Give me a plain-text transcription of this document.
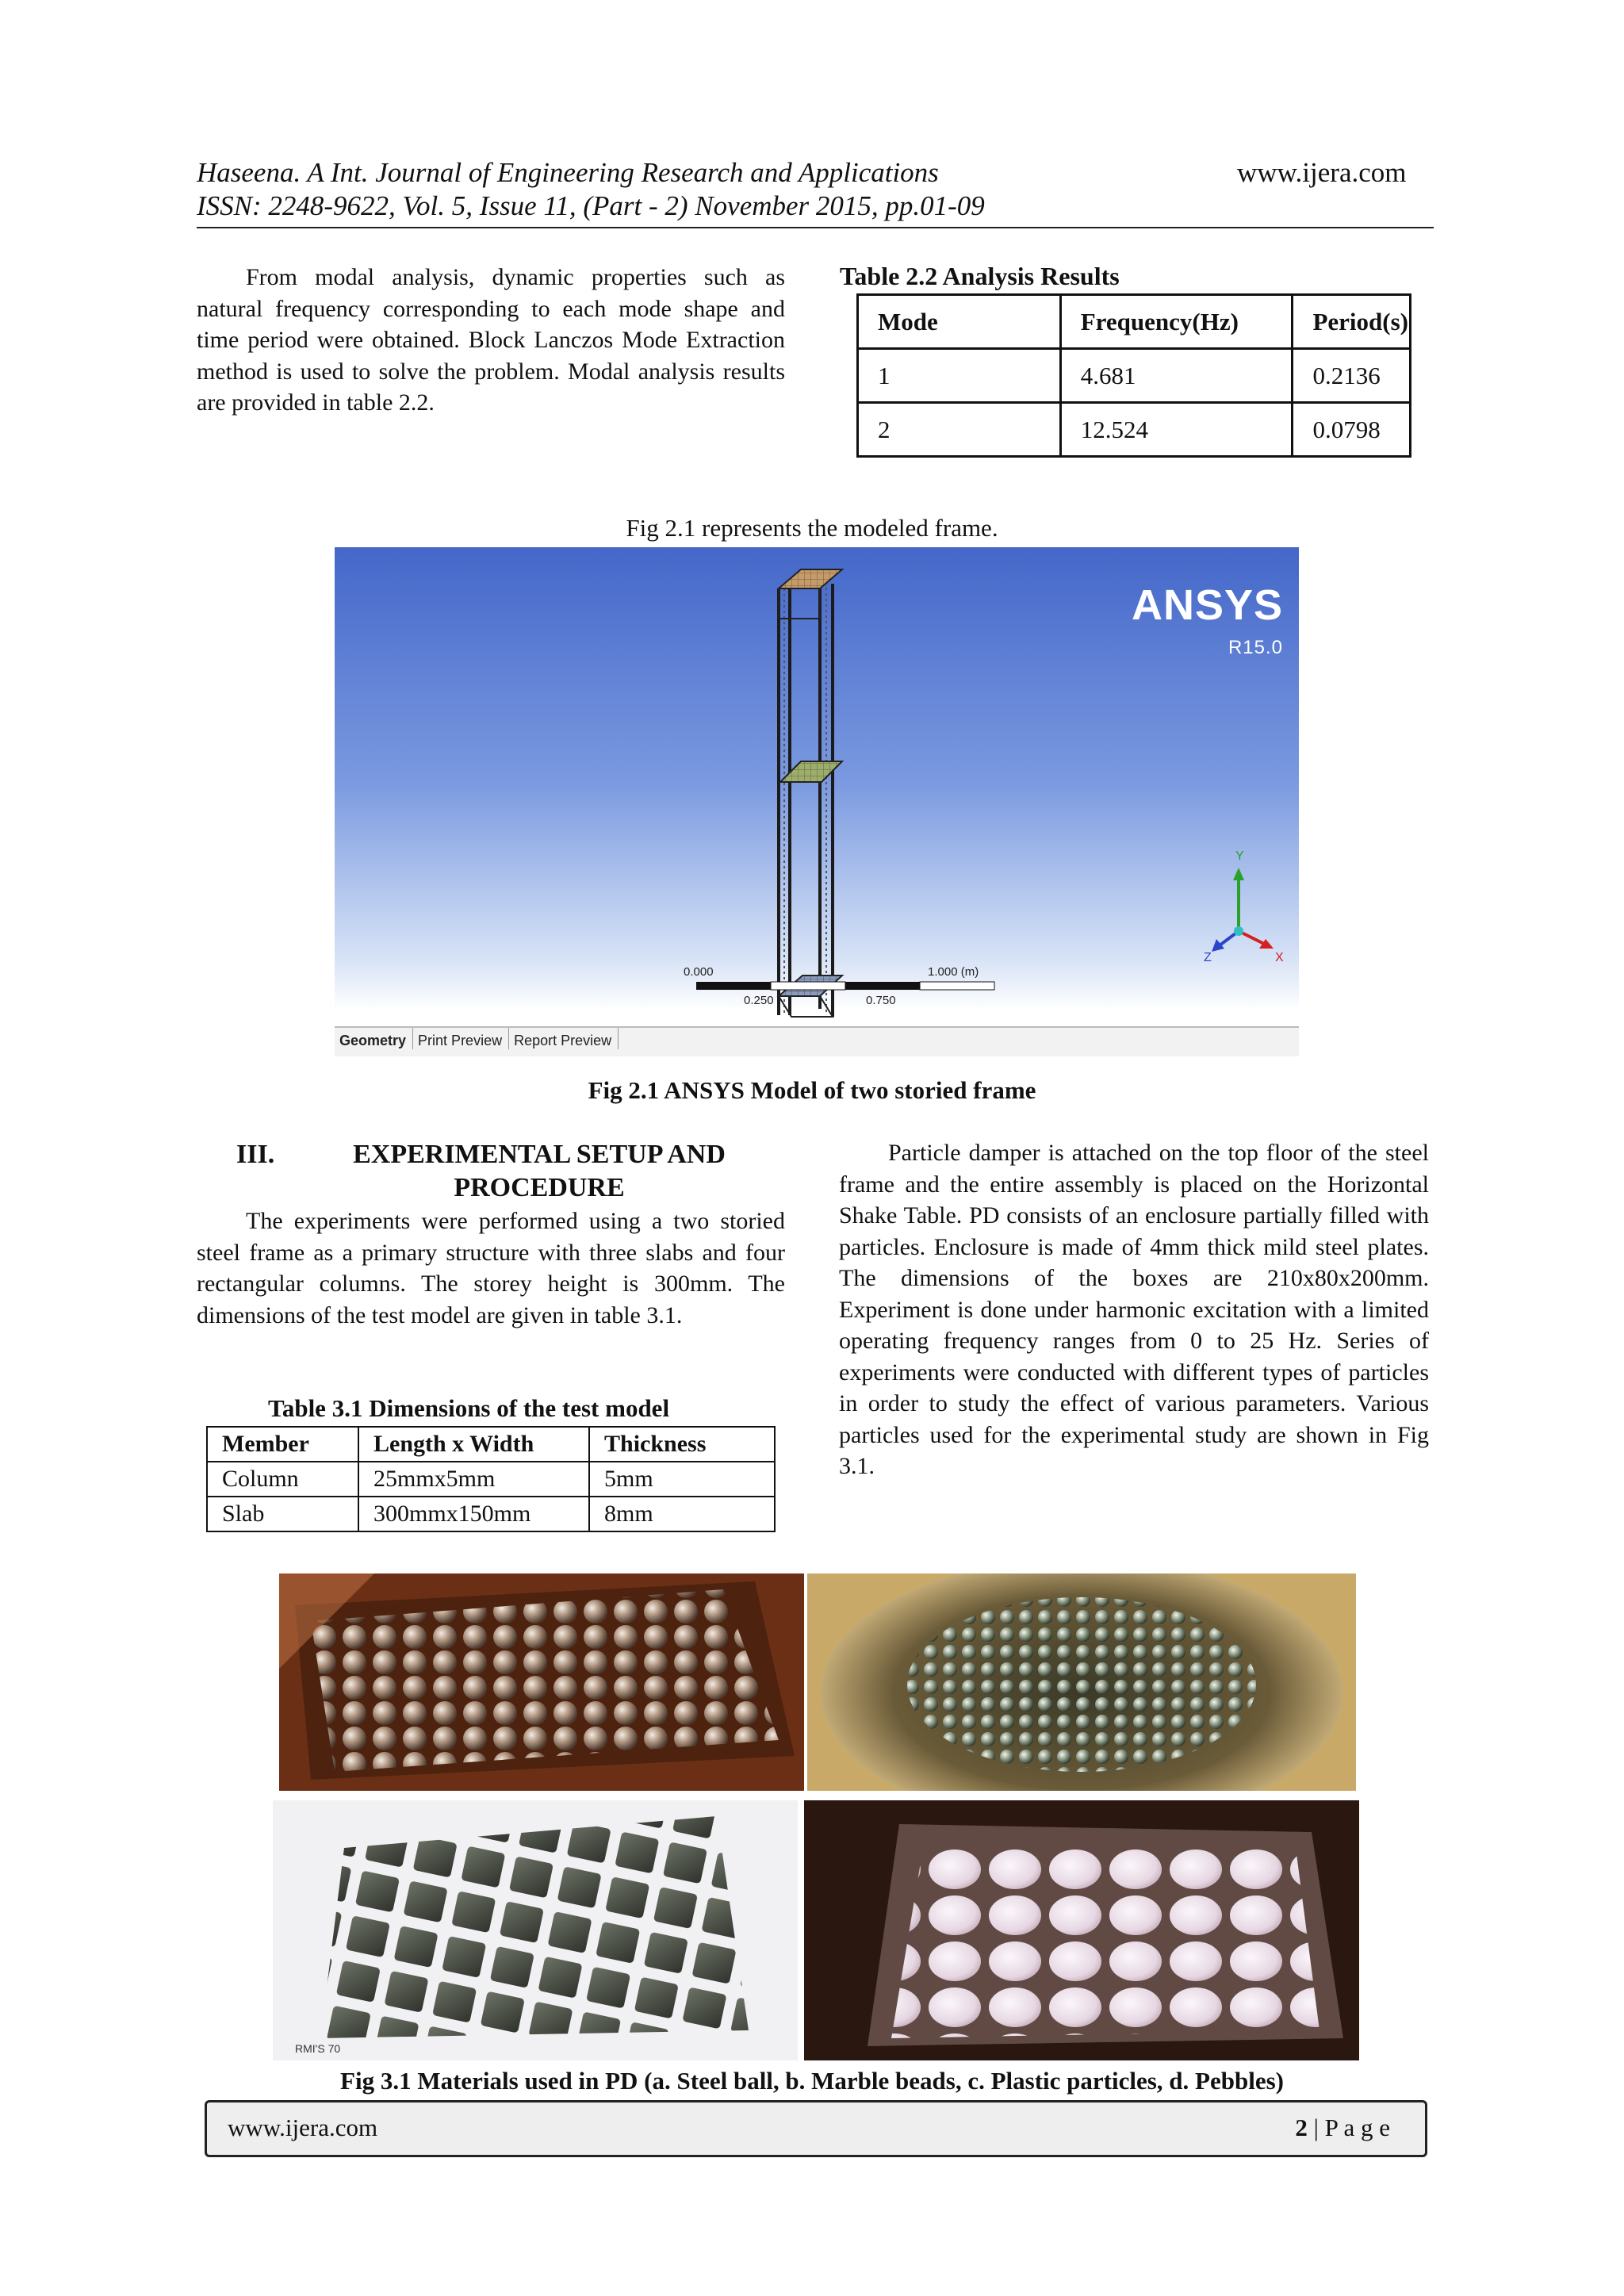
Haseena. A Int. Journal of Engineering Research and Applications	www.ijera.com
ISSN: 2248-9622, Vol. 5, Issue 11, (Part - 2) November 2015, pp.01-09

From modal analysis, dynamic properties such as natural frequency corresponding to each mode shape and time period were obtained. Block Lanczos Mode Extraction method is used to solve the problem. Modal analysis results are provided in table 2.2.

Table 2.2 Analysis Results
Mode	Frequency(Hz)	Period(s)
1	4.681	0.2136
2	12.524	0.0798
Fig 2.1 represents the modeled frame.
ANSYS
R15.0
0.000	1.000 (m)
0.250	0.750
Y
Z	X
Geometry Print Preview Report Preview
Fig 2.1 ANSYS Model of two storied frame
III.	EXPERIMENTAL SETUP AND
PROCEDURE

The experiments were performed using a two storied steel frame as a primary structure with three slabs and four rectangular columns. The storey height is 300mm. The dimensions of the test model are given in table 3.1.

Table 3.1 Dimensions of the test model
Member	Length x Width	Thickness
Column	25mmx5mm	5mm
Slab	300mmx150mm	8mm

Particle damper is attached on the top floor of the steel frame and the entire assembly is placed on the Horizontal Shake Table. PD consists of an enclosure partially filled with particles. Enclosure is made of 4mm thick mild steel plates. The dimensions of the boxes are 210x80x200mm. Experiment is done under harmonic excitation with a limited operating frequency ranges from 0 to 25 Hz. Series of experiments were conducted with different types of particles in order to study the effect of various parameters. Various particles used for the experimental study are shown in Fig 3.1.

RMI'S 70
Fig 3.1 Materials used in PD (a. Steel ball, b. Marble beads, c. Plastic particles, d. Pebbles)
www.ijera.com	2 | P a g e
